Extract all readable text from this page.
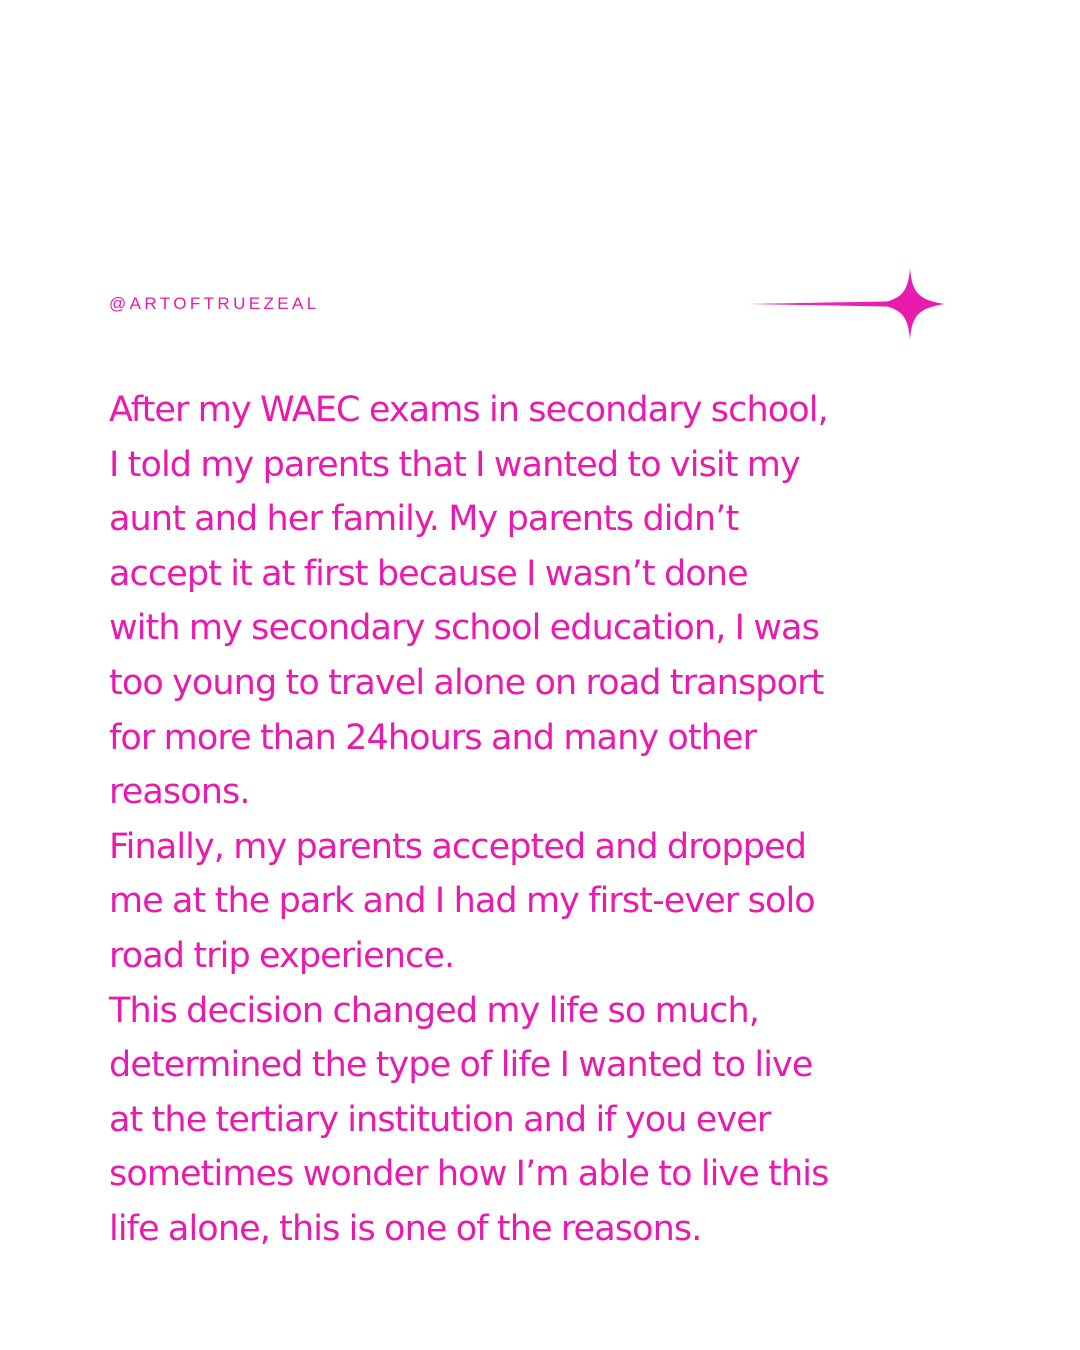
@ARTOFTRUEZEAL
After my WAEC exams in secondary school,
I told my parents that I wanted to visit my
aunt and her family. My parents didn’t
accept it at first because I wasn’t done
with my secondary school education, I was
too young to travel alone on road transport
for more than 24hours and many other
reasons.
Finally, my parents accepted and dropped
me at the park and I had my first-ever solo
road trip experience.
This decision changed my life so much,
determined the type of life I wanted to live
at the tertiary institution and if you ever
sometimes wonder how I’m able to live this
life alone, this is one of the reasons.
